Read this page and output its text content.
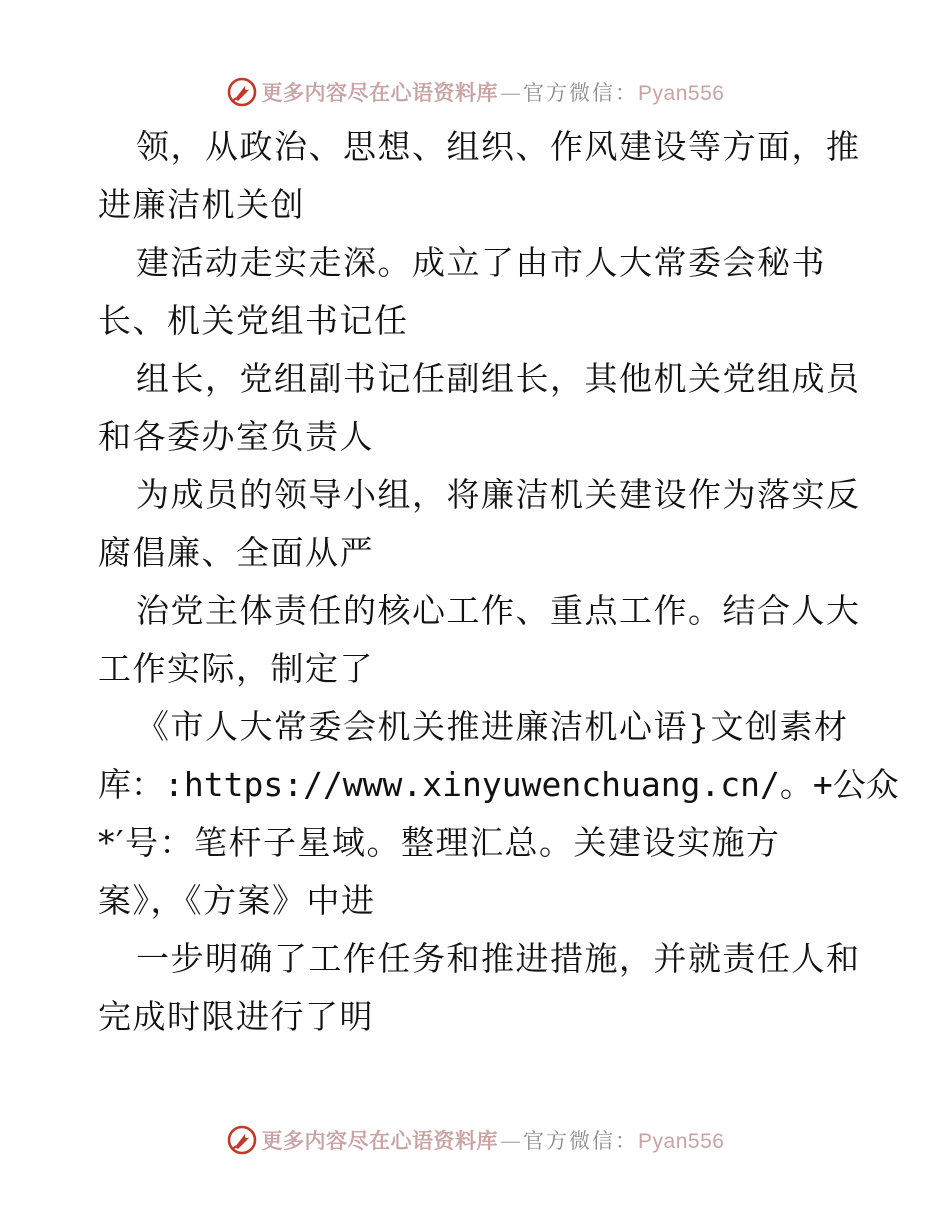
更多内容尽在心语资料库 — 官方微信： Pyan556
领，从政治、思想、组织、作风建设等方面，推
进廉洁机关创
建活动走实走深。成立了由市人大常委会秘书
长、机关党组书记任
组长，党组副书记任副组长，其他机关党组成员
和各委办室负责人
为成员的领导小组，将廉洁机关建设作为落实反
腐倡廉、全面从严
治党主体责任的核心工作、重点工作。结合人大
工作实际，制定了
《市人大常委会机关推进廉洁机心语}文创素材
库：:https://www.xinyuwenchuang.cn/。+公众
*′号：笔杆子星域。整理汇总。关建设实施方
案》，《方案》中进
一步明确了工作任务和推进措施，并就责任人和
完成时限进行了明
更多内容尽在心语资料库 — 官方微信： Pyan556
